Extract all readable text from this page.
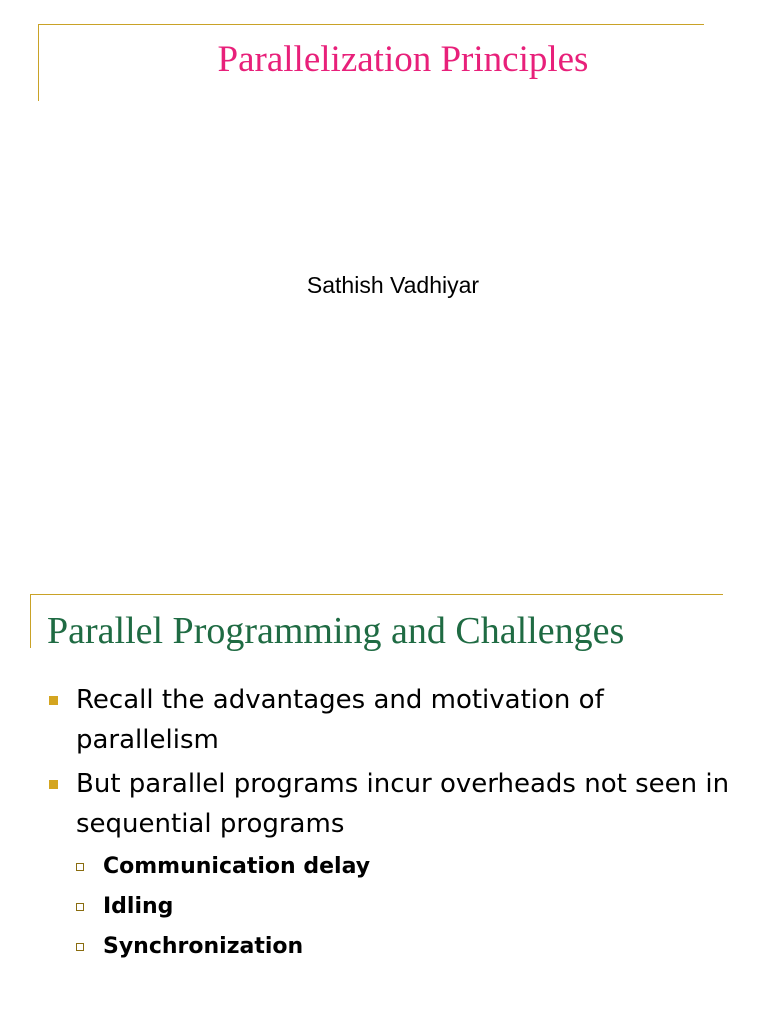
Parallelization Principles
Sathish Vadhiyar
Parallel Programming and Challenges
Recall the advantages and motivation of parallelism
But parallel programs incur overheads not seen in sequential programs
Communication delay
Idling
Synchronization
